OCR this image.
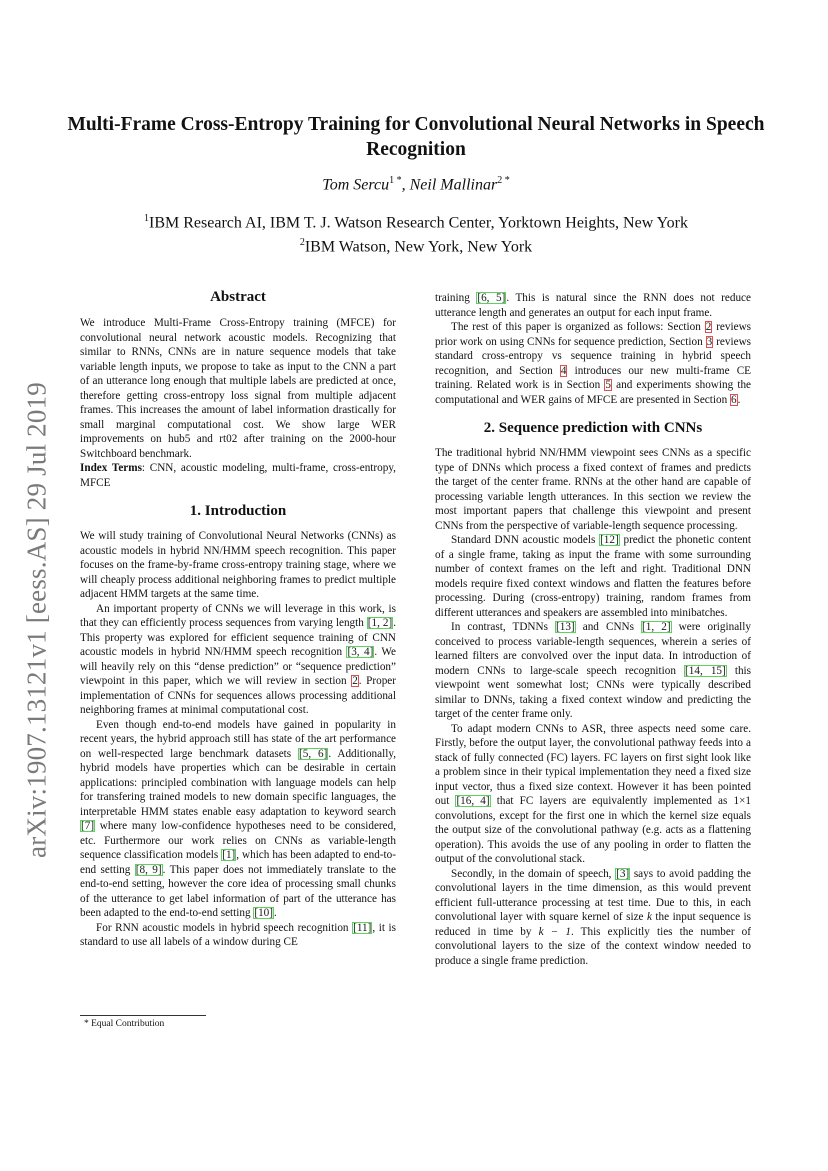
arXiv:1907.13121v1 [eess.AS] 29 Jul 2019
Multi-Frame Cross-Entropy Training for Convolutional Neural Networks in Speech Recognition
Tom Sercu$^{1 *}$, Neil Mallinar$^{2 *}$
$^1$IBM Research AI, IBM T. J. Watson Research Center, Yorktown Heights, New York
$^2$IBM Watson, New York, New York
Abstract

We introduce Multi-Frame Cross-Entropy training (MFCE) for convolutional neural network acoustic models. Recognizing that similar to RNNs, CNNs are in nature sequence models that take variable length inputs, we propose to take as input to the CNN a part of an utterance long enough that multiple labels are predicted at once, therefore getting cross-entropy loss signal from multiple adjacent frames. This increases the amount of label information drastically for small marginal computational cost. We show large WER improvements on hub5 and rt02 after training on the 2000-hour Switchboard benchmark.

Index Terms: CNN, acoustic modeling, multi-frame, cross-entropy, MFCE

1. Introduction

We will study training of Convolutional Neural Networks (CNNs) as acoustic models in hybrid NN/HMM speech recognition. This paper focuses on the frame-by-frame cross-entropy training stage, where we will cheaply process additional neighboring frames to predict multiple adjacent HMM targets at the same time.

An important property of CNNs we will leverage in this work, is that they can efficiently process sequences from varying length [1, 2]. This property was explored for efficient sequence training of CNN acoustic models in hybrid NN/HMM speech recognition [3, 4]. We will heavily rely on this “dense prediction” or “sequence prediction” viewpoint in this paper, which we will review in section 2. Proper implementation of CNNs for sequences allows processing additional neighboring frames at minimal computational cost.

Even though end-to-end models have gained in popularity in recent years, the hybrid approach still has state of the art performance on well-respected large benchmark datasets [5, 6]. Additionally, hybrid models have properties which can be desirable in certain applications: principled combination with language models can help for transfering trained models to new domain specific languages, the interpretable HMM states enable easy adaptation to keyword search [7] where many low-confidence hypotheses need to be considered, etc. Furthermore our work relies on CNNs as variable-length sequence classification models [1], which has been adapted to end-to-end setting [8, 9]. This paper does not immediately translate to the end-to-end setting, however the core idea of processing small chunks of the utterance to get label information of part of the utterance has been adapted to the end-to-end setting [10].

For RNN acoustic models in hybrid speech recognition [11], it is standard to use all labels of a window during CE

training [6, 5]. This is natural since the RNN does not reduce utterance length and generates an output for each input frame.

The rest of this paper is organized as follows: Section 2 reviews prior work on using CNNs for sequence prediction, Section 3 reviews standard cross-entropy vs sequence training in hybrid speech recognition, and Section 4 introduces our new multi-frame CE training. Related work is in Section 5 and experiments showing the computational and WER gains of MFCE are presented in Section 6.

2. Sequence prediction with CNNs

The traditional hybrid NN/HMM viewpoint sees CNNs as a specific type of DNNs which process a fixed context of frames and predicts the target of the center frame. RNNs at the other hand are capable of processing variable length utterances. In this section we review the most important papers that challenge this viewpoint and present CNNs from the perspective of variable-length sequence processing.

Standard DNN acoustic models [12] predict the phonetic content of a single frame, taking as input the frame with some surrounding number of context frames on the left and right. Traditional DNN models require fixed context windows and flatten the features before processing. During (cross-entropy) training, random frames from different utterances and speakers are assembled into minibatches.

In contrast, TDNNs [13] and CNNs [1, 2] were originally conceived to process variable-length sequences, wherein a series of learned filters are convolved over the input data. In introduction of modern CNNs to large-scale speech recognition [14, 15] this viewpoint went somewhat lost; CNNs were typically described similar to DNNs, taking a fixed context window and predicting the target of the center frame only.

To adapt modern CNNs to ASR, three aspects need some care. Firstly, before the output layer, the convolutional pathway feeds into a stack of fully connected (FC) layers. FC layers on first sight look like a problem since in their typical implementation they need a fixed size input vector, thus a fixed size context. However it has been pointed out [16, 4] that FC layers are equivalently implemented as 1×1 convolutions, except for the first one in which the kernel size equals the output size of the convolutional pathway (e.g. acts as a flattening operation). This avoids the use of any pooling in order to flatten the output of the convolutional stack.

Secondly, in the domain of speech, [3] says to avoid padding the convolutional layers in the time dimension, as this would prevent efficient full-utterance processing at test time. Due to this, in each convolutional layer with square kernel of size k the input sequence is reduced in time by k − 1. This explicitly ties the number of convolutional layers to the size of the context window needed to produce a single frame prediction.

* Equal Contribution
